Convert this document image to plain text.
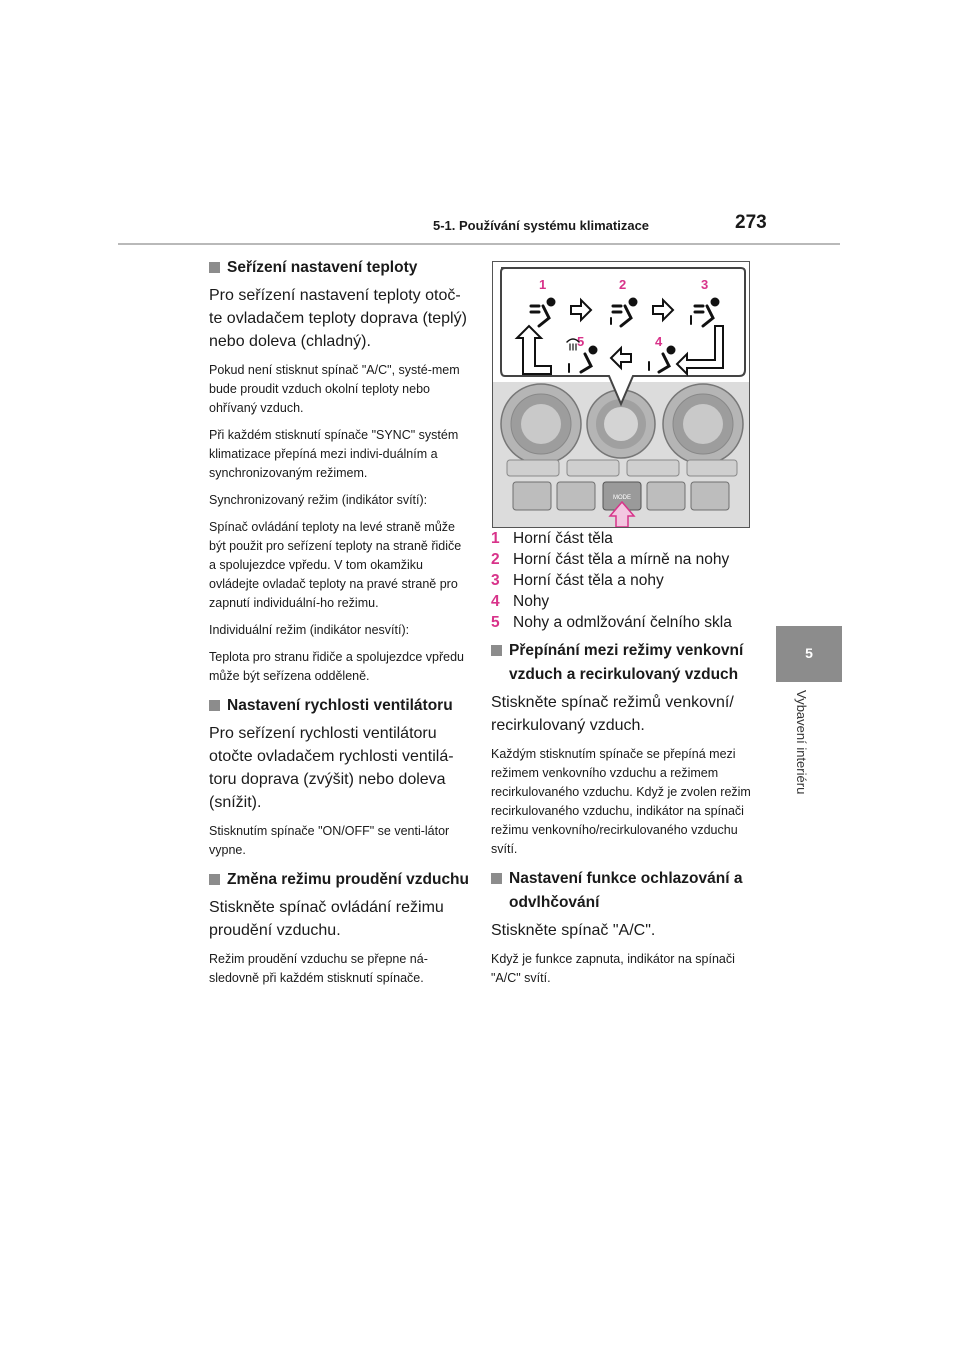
5-1. Používání systému klimatizace	273
5
Vybavení interiéru
Seřízení nastavení teploty

Pro seřízení nastavení teploty otoč-te ovladačem teploty doprava (teplý) nebo doleva (chladný).

Pokud není stisknut spínač "A/C", systé-mem bude proudit vzduch okolní teploty nebo ohřívaný vzduch.

Při každém stisknutí spínače "SYNC" systém klimatizace přepíná mezi indivi-duálním a synchronizovaným režimem.

Synchronizovaný režim (indikátor svítí):

Spínač ovládání teploty na levé straně může být použit pro seřízení teploty na straně řidiče a spolujezdce vpředu. V tom okamžiku ovládejte ovladač teploty na pravé straně pro zapnutí individuální-ho režimu.

Individuální režim (indikátor nesvítí):

Teplota pro stranu řidiče a spolujezdce vpředu může být seřízena odděleně.

Nastavení rychlosti ventilátoru

Pro seřízení rychlosti ventilátoru otočte ovladačem rychlosti ventilá-toru doprava (zvýšit) nebo doleva (snížit).

Stisknutím spínače "ON/OFF" se venti-látor vypne.

Změna režimu proudění vzduchu

Stiskněte spínač ovládání režimu proudění vzduchu.

Režim proudění vzduchu se přepne ná-sledovně při každém stisknutí spínače.

MODE
1	2	3
5	4
1 Horní část těla
2 Horní část těla a mírně na nohy
3 Horní část těla a nohy
4 Nohy
5 Nohy a odmlžování čelního skla
Přepínání mezi režimy venkovní vzduch a recirkulovaný vzduch

Stiskněte spínač režimů venkovní/ recirkulovaný vzduch.

Každým stisknutím spínače se přepíná mezi režimem venkovního vzduchu a režimem recirkulovaného vzduchu. Když je zvolen režim recirkulovaného vzduchu, indikátor na spínači režimu venkovního/recirkulovaného vzduchu svítí.

Nastavení funkce ochlazování a odvlhčování

Stiskněte spínač "A/C".

Když je funkce zapnuta, indikátor na spínači "A/C" svítí.
